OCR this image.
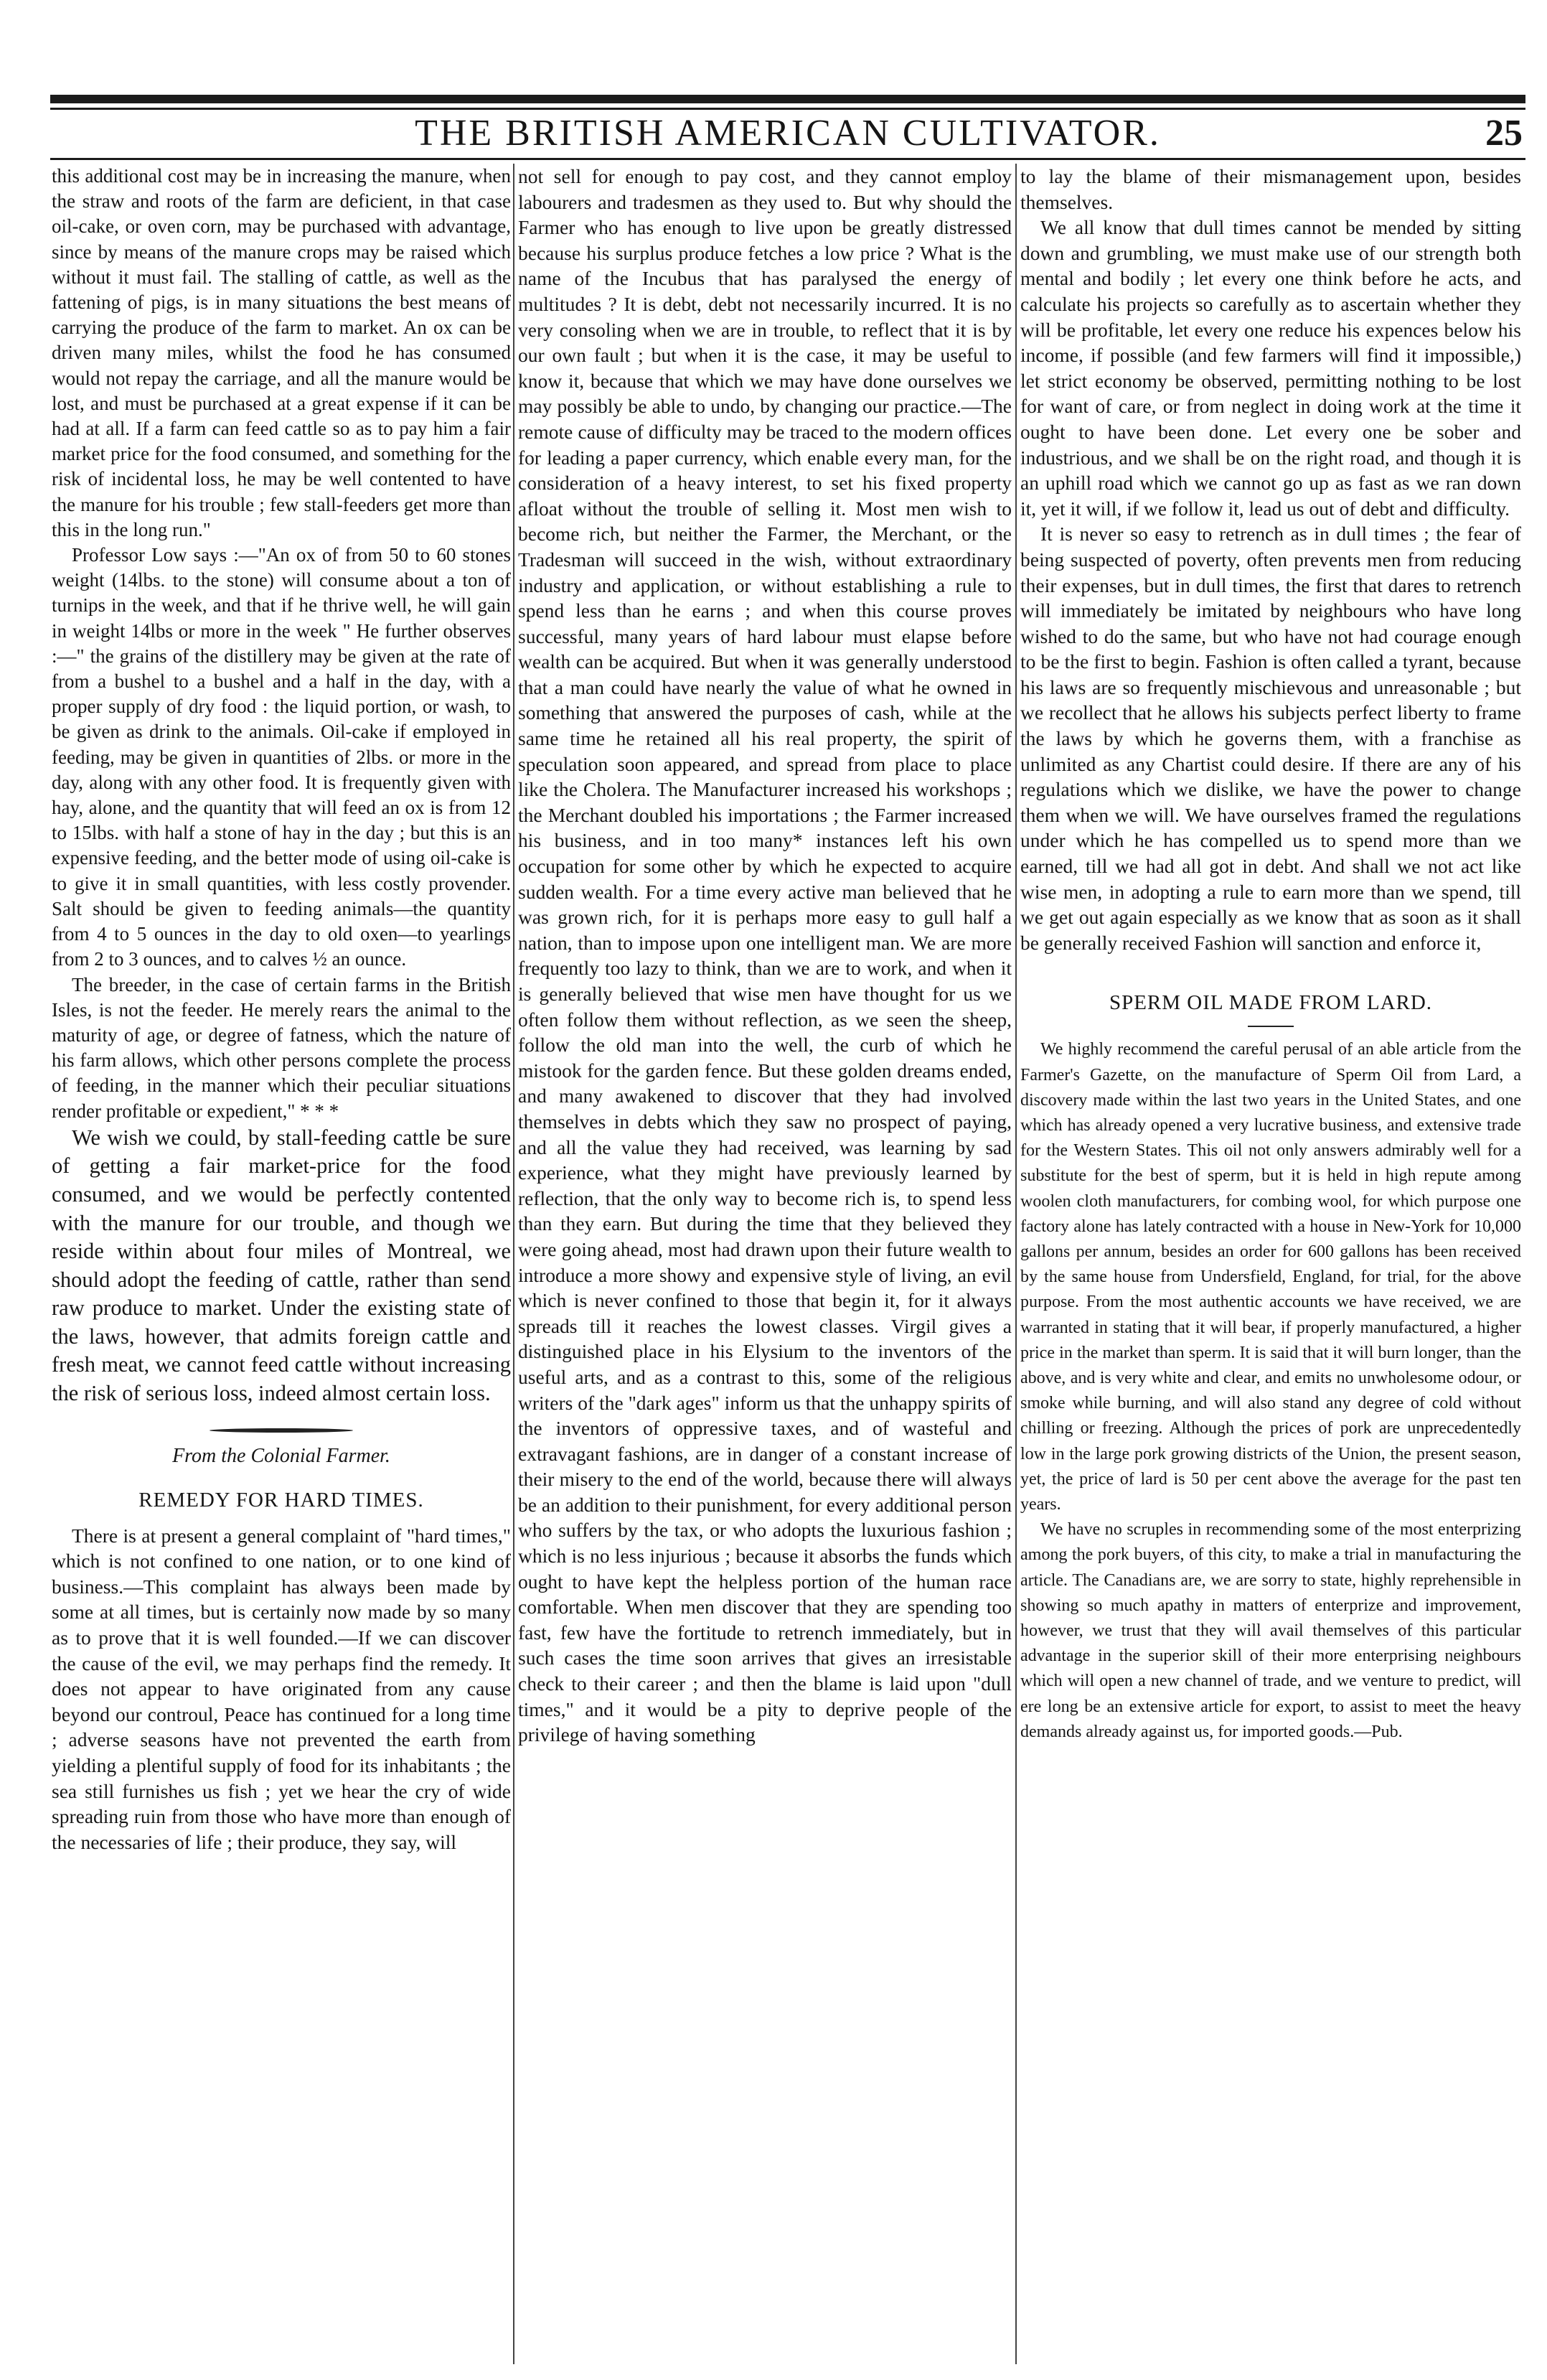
THE BRITISH AMERICAN CULTIVATOR.	25

this additional cost may be in increasing the manure, when the straw and roots of the farm are deficient, in that case oil-cake, or oven corn, may be purchased with advantage, since by means of the manure crops may be raised which without it must fail. The stalling of cattle, as well as the fattening of pigs, is in many situations the best means of carrying the produce of the farm to market. An ox can be driven many miles, whilst the food he has consumed would not repay the carriage, and all the manure would be lost, and must be purchased at a great expense if it can be had at all. If a farm can feed cattle so as to pay him a fair market price for the food consumed, and something for the risk of incidental loss, he may be well contented to have the manure for his trouble ; few stall-feeders get more than this in the long run."

Professor Low says :—"An ox of from 50 to 60 stones weight (14lbs. to the stone) will consume about a ton of turnips in the week, and that if he thrive well, he will gain in weight 14lbs or more in the week " He further observes :—" the grains of the distillery may be given at the rate of from a bushel to a bushel and a half in the day, with a proper supply of dry food : the liquid portion, or wash, to be given as drink to the animals. Oil-cake if employed in feeding, may be given in quantities of 2lbs. or more in the day, along with any other food. It is frequently given with hay, alone, and the quantity that will feed an ox is from 12 to 15lbs. with half a stone of hay in the day ; but this is an expensive feeding, and the better mode of using oil-cake is to give it in small quantities, with less costly provender. Salt should be given to feeding animals—the quantity from 4 to 5 ounces in the day to old oxen—to yearlings from 2 to 3 ounces, and to calves ½ an ounce.

The breeder, in the case of certain farms in the British Isles, is not the feeder. He merely rears the animal to the maturity of age, or degree of fatness, which the nature of his farm allows, which other persons complete the process of feeding, in the manner which their peculiar situations render profitable or expedient," * * *

We wish we could, by stall-feeding cattle be sure of getting a fair market-price for the food consumed, and we would be perfectly contented with the manure for our trouble, and though we reside within about four miles of Montreal, we should adopt the feeding of cattle, rather than send raw produce to market. Under the existing state of the laws, however, that admits foreign cattle and fresh meat, we cannot feed cattle without increasing the risk of serious loss, indeed almost certain loss.

From the Colonial Farmer.

REMEDY FOR HARD TIMES.

There is at present a general complaint of "hard times," which is not confined to one nation, or to one kind of business.—This complaint has always been made by some at all times, but is certainly now made by so many as to prove that it is well founded.—If we can discover the cause of the evil, we may perhaps find the remedy. It does not appear to have originated from any cause beyond our controul, Peace has continued for a long time ; adverse seasons have not prevented the earth from yielding a plentiful supply of food for its inhabitants ; the sea still furnishes us fish ; yet we hear the cry of wide spreading ruin from those who have more than enough of the necessaries of life ; their produce, they say, will

not sell for enough to pay cost, and they cannot employ labourers and tradesmen as they used to. But why should the Farmer who has enough to live upon be greatly distressed because his surplus produce fetches a low price ? What is the name of the Incubus that has paralysed the energy of multitudes ? It is debt, debt not necessarily incurred. It is no very consoling when we are in trouble, to reflect that it is by our own fault ; but when it is the case, it may be useful to know it, because that which we may have done ourselves we may possibly be able to undo, by changing our practice.—The remote cause of difficulty may be traced to the modern offices for leading a paper currency, which enable every man, for the consideration of a heavy interest, to set his fixed property afloat without the trouble of selling it. Most men wish to become rich, but neither the Farmer, the Merchant, or the Tradesman will succeed in the wish, without extraordinary industry and application, or without establishing a rule to spend less than he earns ; and when this course proves successful, many years of hard labour must elapse before wealth can be acquired. But when it was generally understood that a man could have nearly the value of what he owned in something that answered the purposes of cash, while at the same time he retained all his real property, the spirit of speculation soon appeared, and spread from place to place like the Cholera. The Manufacturer increased his workshops ; the Merchant doubled his importations ; the Farmer increased his business, and in too many* instances left his own occupation for some other by which he expected to acquire sudden wealth. For a time every active man believed that he was grown rich, for it is perhaps more easy to gull half a nation, than to impose upon one intelligent man. We are more frequently too lazy to think, than we are to work, and when it is generally believed that wise men have thought for us we often follow them without reflection, as we seen the sheep, follow the old man into the well, the curb of which he mistook for the garden fence. But these golden dreams ended, and many awakened to discover that they had involved themselves in debts which they saw no prospect of paying, and all the value they had received, was learning by sad experience, what they might have previously learned by reflection, that the only way to become rich is, to spend less than they earn. But during the time that they believed they were going ahead, most had drawn upon their future wealth to introduce a more showy and expensive style of living, an evil which is never confined to those that begin it, for it always spreads till it reaches the lowest classes. Virgil gives a distinguished place in his Elysium to the inventors of the useful arts, and as a contrast to this, some of the religious writers of the "dark ages" inform us that the unhappy spirits of the inventors of oppressive taxes, and of wasteful and extravagant fashions, are in danger of a constant increase of their misery to the end of the world, because there will always be an addition to their punishment, for every additional person who suffers by the tax, or who adopts the luxurious fashion ; which is no less injurious ; because it absorbs the funds which ought to have kept the helpless portion of the human race comfortable. When men discover that they are spending too fast, few have the fortitude to retrench immediately, but in such cases the time soon arrives that gives an irresistable check to their career ; and then the blame is laid upon "dull times," and it would be a pity to deprive people of the privilege of having something

to lay the blame of their mismanagement upon, besides themselves.

We all know that dull times cannot be mended by sitting down and grumbling, we must make use of our strength both mental and bodily ; let every one think before he acts, and calculate his projects so carefully as to ascertain whether they will be profitable, let every one reduce his expences below his income, if possible (and few farmers will find it impossible,) let strict economy be observed, permitting nothing to be lost for want of care, or from neglect in doing work at the time it ought to have been done. Let every one be sober and industrious, and we shall be on the right road, and though it is an uphill road which we cannot go up as fast as we ran down it, yet it will, if we follow it, lead us out of debt and difficulty.

It is never so easy to retrench as in dull times ; the fear of being suspected of poverty, often prevents men from reducing their expenses, but in dull times, the first that dares to retrench will immediately be imitated by neighbours who have long wished to do the same, but who have not had courage enough to be the first to begin. Fashion is often called a tyrant, because his laws are so frequently mischievous and unreasonable ; but we recollect that he allows his subjects perfect liberty to frame the laws by which he governs them, with a franchise as unlimited as any Chartist could desire. If there are any of his regulations which we dislike, we have the power to change them when we will. We have ourselves framed the regulations under which he has compelled us to spend more than we earned, till we had all got in debt. And shall we not act like wise men, in adopting a rule to earn more than we spend, till we get out again especially as we know that as soon as it shall be generally received Fashion will sanction and enforce it,

SPERM OIL MADE FROM LARD.

We highly recommend the careful perusal of an able article from the Farmer's Gazette, on the manufacture of Sperm Oil from Lard, a discovery made within the last two years in the United States, and one which has already opened a very lucrative business, and extensive trade for the Western States. This oil not only answers admirably well for a substitute for the best of sperm, but it is held in high repute among woolen cloth manufacturers, for combing wool, for which purpose one factory alone has lately contracted with a house in New-York for 10,000 gallons per annum, besides an order for 600 gallons has been received by the same house from Undersfield, England, for trial, for the above purpose. From the most authentic accounts we have received, we are warranted in stating that it will bear, if properly manufactured, a higher price in the market than sperm. It is said that it will burn longer, than the above, and is very white and clear, and emits no unwholesome odour, or smoke while burning, and will also stand any degree of cold without chilling or freezing. Although the prices of pork are unprecedentedly low in the large pork growing districts of the Union, the present season, yet, the price of lard is 50 per cent above the average for the past ten years.

We have no scruples in recommending some of the most enterprizing among the pork buyers, of this city, to make a trial in manufacturing the article. The Canadians are, we are sorry to state, highly reprehensible in showing so much apathy in matters of enterprize and improvement, however, we trust that they will avail themselves of this particular advantage in the superior skill of their more enterprising neighbours which will open a new channel of trade, and we venture to predict, will ere long be an extensive article for export, to assist to meet the heavy demands already against us, for imported goods.—Pub.
